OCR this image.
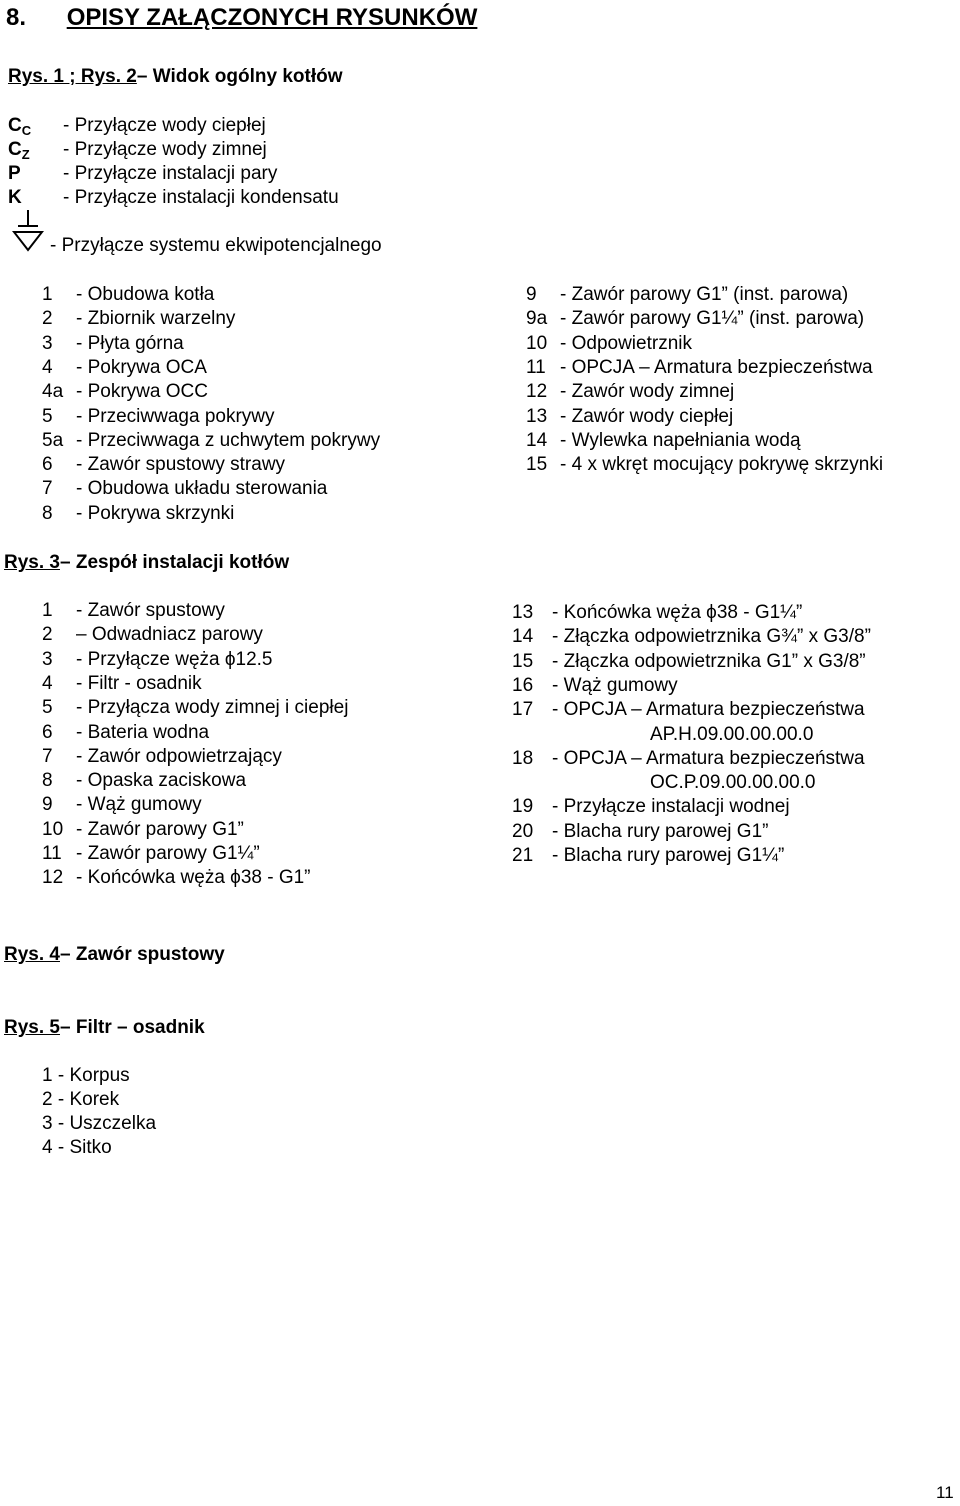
8. OPISY ZAŁĄCZONYCH RYSUNKÓW
Rys. 1 ; Rys. 2– Widok ogólny kotłów
$C_C$ - Przyłącze wody ciepłej
$C_Z$ - Przyłącze wody zimnej
P - Przyłącze instalacji pary
K - Przyłącze instalacji kondensatu
- Przyłącze systemu ekwipotencjalnego
1 - Obudowa kotła
2 - Zbiornik warzelny
3 - Płyta górna
4 - Pokrywa OCA
4a - Pokrywa OCC
5 - Przeciwwaga pokrywy
5a - Przeciwwaga z uchwytem pokrywy
6 - Zawór spustowy strawy
7 - Obudowa układu sterowania
8 - Pokrywa skrzynki
9 - Zawór parowy G1” (inst. parowa)
9a - Zawór parowy G1¼” (inst. parowa)
10 - Odpowietrznik
11 - OPCJA – Armatura bezpieczeństwa
12 - Zawór wody zimnej
13 - Zawór wody ciepłej
14 - Wylewka napełniania wodą
15 - 4 x wkręt mocujący pokrywę skrzynki
Rys. 3– Zespół instalacji kotłów
1 - Zawór spustowy
2 – Odwadniacz parowy
3 - Przyłącze węża ϕ12.5
4 - Filtr - osadnik
5 - Przyłącza wody zimnej i ciepłej
6 - Bateria wodna
7 - Zawór odpowietrzający
8 - Opaska zaciskowa
9 - Wąż gumowy
10 - Zawór parowy G1”
11 - Zawór parowy G1¼”
12 - Końcówka węża ϕ38 - G1”
13 - Końcówka węża ϕ38 - G1¼”
14 - Złączka odpowietrznika G¾” x G3/8”
15 - Złączka odpowietrznika G1” x G3/8”
16 - Wąż gumowy
17 - OPCJA – Armatura bezpieczeństwa
AP.H.09.00.00.00.0
18 - OPCJA – Armatura bezpieczeństwa
OC.P.09.00.00.00.0
19 - Przyłącze instalacji wodnej
20 - Blacha rury parowej G1”
21 - Blacha rury parowej G1¼”
Rys. 4– Zawór spustowy
Rys. 5– Filtr – osadnik
1 - Korpus
2 - Korek
3 - Uszczelka
4 - Sitko
11
